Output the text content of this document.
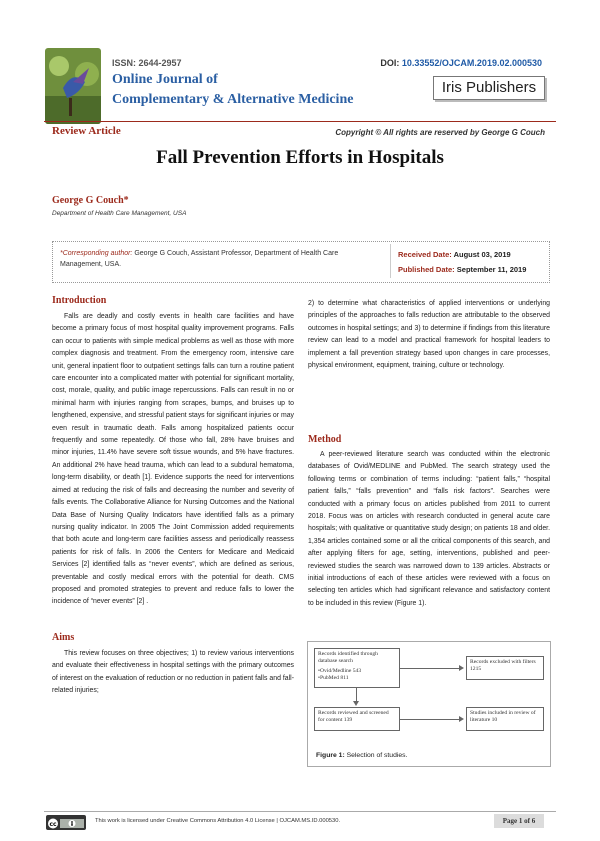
ISSN: 2644-2957	DOI: 10.33552/OJCAM.2019.02.000530
Online Journal of
Complementary & Alternative Medicine
Iris Publishers
Review Article	Copyright © All rights are reserved by George G Couch
Fall Prevention Efforts in Hospitals
George G Couch*
Department of Health Care Management, USA
*Corresponding author: George G Couch, Assistant Professor, Department of Health Care Management, USA.
Received Date: August 03, 2019
Published Date: September 11, 2019
Introduction

Falls are deadly and costly events in health care facilities and have become a primary focus of most hospital quality improvement programs. Falls can occur to patients with simple medical problems as well as those with more complex diagnosis and treatment. From the emergency room, intensive care unit, general inpatient floor to outpatient settings falls can turn a routine patient care encounter into a complicated matter with potential for significant mortality, cost, morale, quality, and public image repercussions. Falls can result in no or minimal harm with injuries ranging from scrapes, bumps, and bruises up to lengthened, expensive, and stressful patient stays for significant injuries or may even result in traumatic death. Falls among hospitalized patients occur frequently and some repeatedly. Of those who fall, 28% have bruises and minor injuries, 11.4% have severe soft tissue wounds, and 5% have fractures. An additional 2% have head trauma, which can lead to a subdural hematoma, long-term disability, or death [1]. Evidence supports the need for interventions aimed at reducing the risk of falls and decreasing the number and severity of falls events. The Collaborative Alliance for Nursing Outcomes and the National Data Base of Nursing Quality Indicators have identified falls as a primary nursing quality indicator. In 2005 The Joint Commission added requirements that both acute and long-term care facilities assess and periodically reassess patients for risk of falls. In 2006 the Centers for Medicare and Medicaid Services [2] identified falls as “never events”, which are defined as serious, preventable and costly medical errors with the potential for death. CMS proposed and promoted strategies to prevent and reduce falls to lower the incidence of “never events” [2] .

Aims

This review focuses on three objectives; 1) to review various interventions and evaluate their effectiveness in hospital settings with the primary outcomes of interest on the evaluation of reduction or no reduction in patient falls and fall-related injuries;

2) to determine what characteristics of applied interventions or underlying principles of the approaches to falls reduction are attributable to the observed outcomes in hospital settings; and 3) to determine if findings from this literature review can lead to a model and practical framework for hospital leaders to implement a fall prevention strategy based upon changes in care processes, physical environment, equipment, training, culture or technology.

Method

A peer-reviewed literature search was conducted within the electronic databases of Ovid/MEDLINE and PubMed. The search strategy used the following terms or combination of terms including: “patient falls,” “hospital patient falls,” “falls prevention” and “falls risk factors”. Searches were conducted with a primary focus on articles published from 2011 to current 2018. Focus was on articles with research conducted in general acute care hospitals; with qualitative or quantitative study design; on patients 18 and older. 1,354 articles contained some or all the critical components of this search, and after applying filters for age, setting, interventions, published and peer-reviewed studies the search was narrowed down to 139 articles. Abstracts or initial introductions of each of these articles were reviewed with a focus on selecting ten articles which had significant relevance and satisfactory content to be included in this review (Figure 1).

Records identified through database search
•Ovid/Medline 543
•PubMed 811
Records excluded with filters 1215
Records reviewed and screened for content 139
Studies included in review of literature 10
Figure 1: Selection of studies.
cc	This work is licensed under Creative Commons Attribution 4.0 License | OJCAM.MS.ID.000530.	Page 1 of 6
